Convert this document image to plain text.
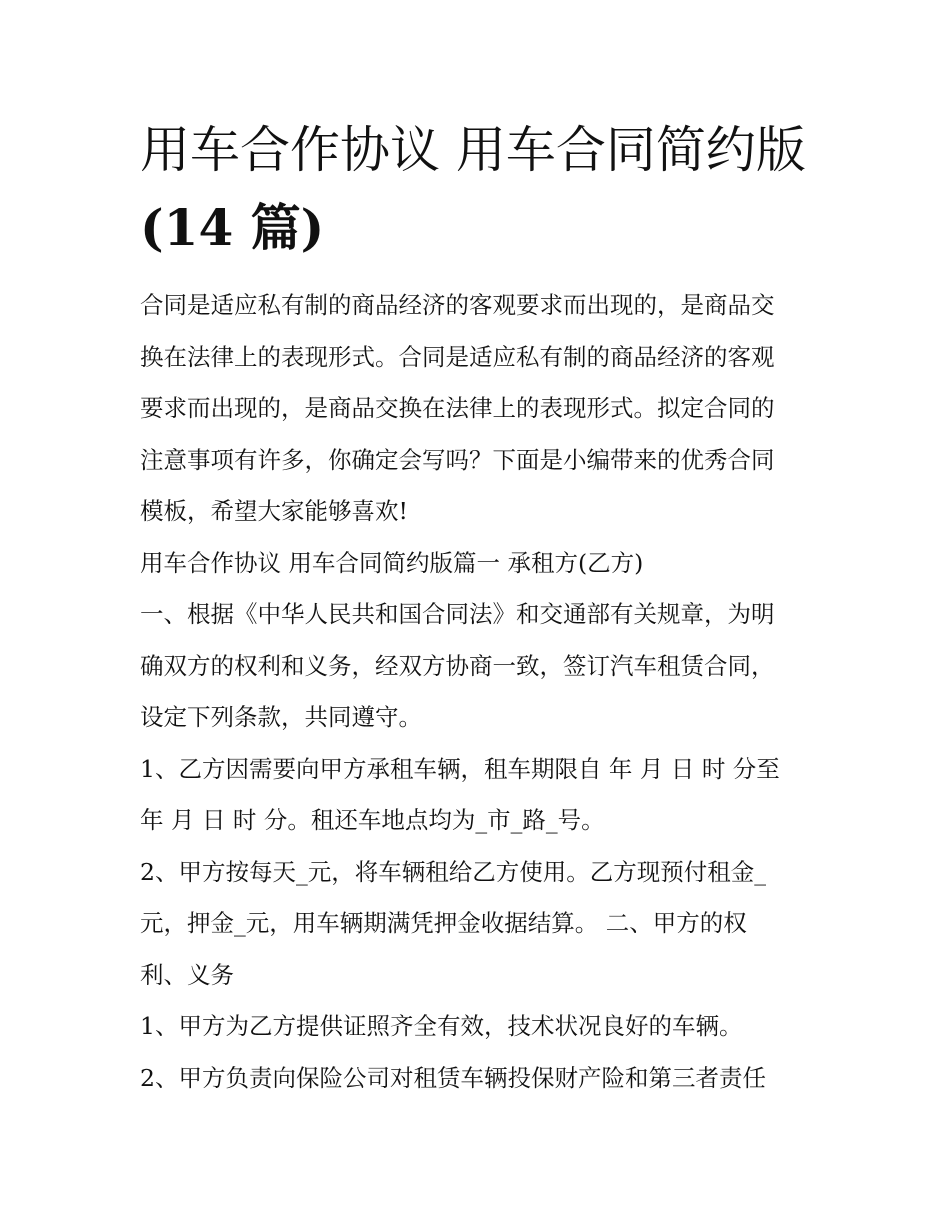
用车合作协议 用车合同简约版
(14 篇)

合同是适应私有制的商品经济的客观要求而出现的，是商品交
换在法律上的表现形式。合同是适应私有制的商品经济的客观
要求而出现的，是商品交换在法律上的表现形式。拟定合同的
注意事项有许多，你确定会写吗？下面是小编带来的优秀合同
模板，希望大家能够喜欢!

用车合作协议 用车合同简约版篇一 承租方(乙方)

一、根据《中华人民共和国合同法》和交通部有关规章，为明
确双方的权利和义务，经双方协商一致，签订汽车租赁合同，
设定下列条款，共同遵守。

1、乙方因需要向甲方承租车辆，租车期限自 年 月 日 时 分至
年 月 日 时 分。租还车地点均为_市_路_号。

2、甲方按每天_元，将车辆租给乙方使用。乙方现预付租金_
元，押金_元，用车辆期满凭押金收据结算。 二、甲方的权
利、义务

1、甲方为乙方提供证照齐全有效，技术状况良好的车辆。

2、甲方负责向保险公司对租赁车辆投保财产险和第三者责任
